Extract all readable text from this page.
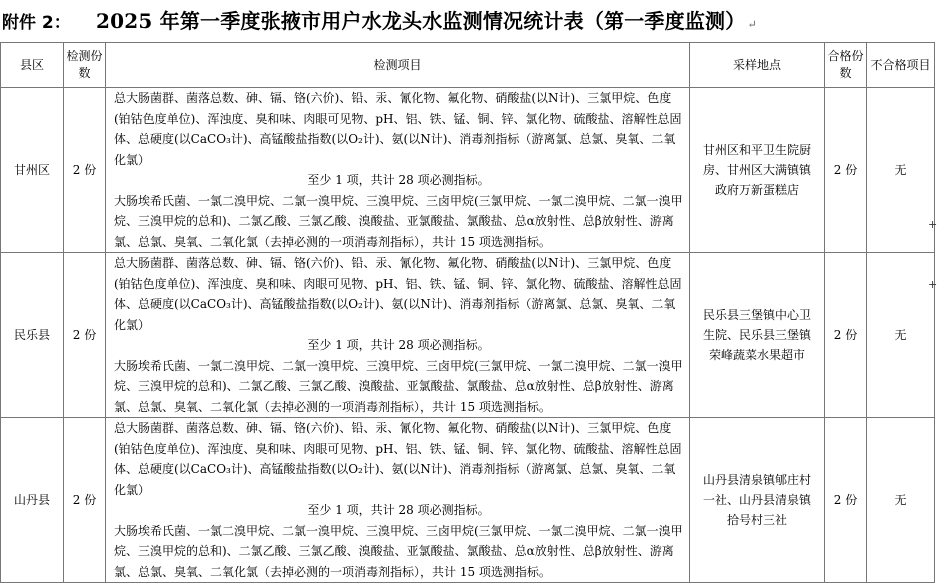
附件 2： 2025 年第一季度张掖市用户水龙头水监测情况统计表（第一季度监测） ↵
县区	检测份数	检测项目	采样地点	合格份数	不合格项目
甘州区	2 份	总大肠菌群、菌落总数、砷、镉、铬(六价)、铅、汞、氰化物、氟化物、硝酸盐(以N计)、三氯甲烷、色度(铂钴色度单位)、浑浊度、臭和味、肉眼可见物、pH、铝、铁、锰、铜、锌、氯化物、硫酸盐、溶解性总固体、总硬度(以CaCO₃计)、高锰酸盐指数(以O₂计)、氨(以N计)、消毒剂指标（游离氯、总氯、臭氧、二氧化氯）

至少 1 项，共计 28 项必测指标。

大肠埃希氏菌、一氯二溴甲烷、二氯一溴甲烷、三溴甲烷、三卤甲烷(三氯甲烷、一氯二溴甲烷、二氯一溴甲烷、三溴甲烷的总和)、二氯乙酸、三氯乙酸、溴酸盐、亚氯酸盐、氯酸盐、总α放射性、总β放射性、游离氯、总氯、臭氧、二氧化氯（去掉必测的一项消毒剂指标），共计 15 项选测指标。	甘州区和平卫生院厨房、甘州区大满镇镇政府万新蛋糕店	2 份	无
民乐县	2 份	总大肠菌群、菌落总数、砷、镉、铬(六价)、铅、汞、氰化物、氟化物、硝酸盐(以N计)、三氯甲烷、色度(铂钴色度单位)、浑浊度、臭和味、肉眼可见物、pH、铝、铁、锰、铜、锌、氯化物、硫酸盐、溶解性总固体、总硬度(以CaCO₃计)、高锰酸盐指数(以O₂计)、氨(以N计)、消毒剂指标（游离氯、总氯、臭氧、二氧化氯）

至少 1 项，共计 28 项必测指标。

大肠埃希氏菌、一氯二溴甲烷、二氯一溴甲烷、三溴甲烷、三卤甲烷(三氯甲烷、一氯二溴甲烷、二氯一溴甲烷、三溴甲烷的总和)、二氯乙酸、三氯乙酸、溴酸盐、亚氯酸盐、氯酸盐、总α放射性、总β放射性、游离氯、总氯、臭氧、二氧化氯（去掉必测的一项消毒剂指标），共计 15 项选测指标。	民乐县三堡镇中心卫生院、民乐县三堡镇荣峰蔬菜水果超市	2 份	无
山丹县	2 份	总大肠菌群、菌落总数、砷、镉、铬(六价)、铅、汞、氰化物、氟化物、硝酸盐(以N计)、三氯甲烷、色度(铂钴色度单位)、浑浊度、臭和味、肉眼可见物、pH、铝、铁、锰、铜、锌、氯化物、硫酸盐、溶解性总固体、总硬度(以CaCO₃计)、高锰酸盐指数(以O₂计)、氨(以N计)、消毒剂指标（游离氯、总氯、臭氧、二氧化氯）

至少 1 项，共计 28 项必测指标。

大肠埃希氏菌、一氯二溴甲烷、二氯一溴甲烷、三溴甲烷、三卤甲烷(三氯甲烷、一氯二溴甲烷、二氯一溴甲烷、三溴甲烷的总和)、二氯乙酸、三氯乙酸、溴酸盐、亚氯酸盐、氯酸盐、总α放射性、总β放射性、游离氯、总氯、臭氧、二氧化氯（去掉必测的一项消毒剂指标），共计 15 项选测指标。	山丹县清泉镇郇庄村一社、山丹县清泉镇拾号村三社	2 份	无
+
+
